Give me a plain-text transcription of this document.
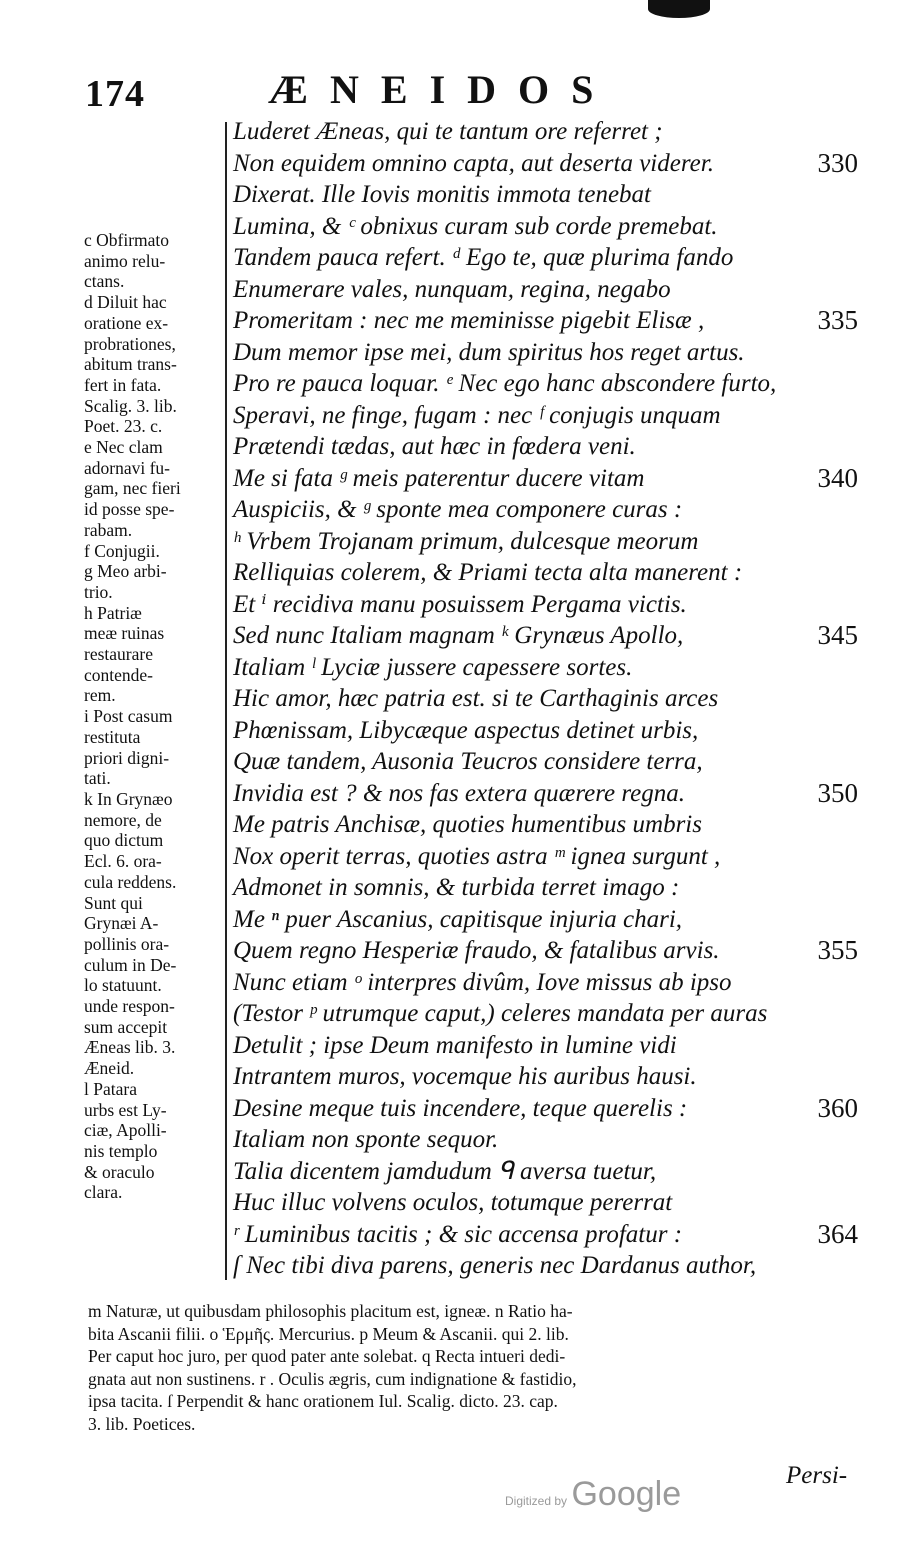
174	ÆNEIDOS
Luderet Æneas, qui te tantum ore referret ;
Non equidem omnino capta, aut deserta viderer.	330
Dixerat. Ille Iovis monitis immota tenebat
Lumina, & ᶜ obnixus curam sub corde premebat.
Tandem pauca refert. ᵈ Ego te, quæ plurima fando
Enumerare vales, nunquam, regina, negabo
Promeritam : nec me meminisse pigebit Elisæ ,	335
Dum memor ipse mei, dum spiritus hos reget artus.
Pro re pauca loquar. ᵉ Nec ego hanc abscondere furto,
Speravi, ne finge, fugam : nec ᶠ conjugis unquam
Prætendi tædas, aut hæc in fœdera veni.
Me si fata ᵍ meis paterentur ducere vitam	340
Auspiciis, & ᵍ sponte mea componere curas :
ʰ Vrbem Trojanam primum, dulcesque meorum
Relliquias colerem, & Priami tecta alta manerent :
Et ⁱ recidiva manu posuissem Pergama victis.
Sed nunc Italiam magnam ᵏ Grynæus Apollo,	345
Italiam ˡ Lyciæ jussere capessere sortes.
Hic amor, hæc patria est. si te Carthaginis arces
Phœnissam, Libycæque aspectus detinet urbis,
Quæ tandem, Ausonia Teucros considere terra,
Invidia est ? & nos fas extera quærere regna.	350
Me patris Anchisæ, quoties humentibus umbris
Nox operit terras, quoties astra ᵐ ignea surgunt ,
Admonet in somnis, & turbida terret imago :
Me ⁿ puer Ascanius, capitisque injuria chari,
Quem regno Hesperiæ fraudo, & fatalibus arvis.	355
Nunc etiam ᵒ interpres divûm, Iove missus ab ipso
(Testor ᵖ utrumque caput,) celeres mandata per auras
Detulit ; ipse Deum manifesto in lumine vidi
Intrantem muros, vocemque his auribus hausi.
Desine meque tuis incendere, teque querelis :	360
Italiam non sponte sequor.
Talia dicentem jamdudum ᑫ aversa tuetur,
Huc illuc volvens oculos, totumque pererrat
ʳ Luminibus tacitis ; & sic accensa profatur :	364
ſ Nec tibi diva parens, generis nec Dardanus author,
c Obfirmato
animo relu-
ctans.
d Diluit hac
oratione ex-
probrationes,
abitum trans-
fert in fata.
Scalig. 3. lib.
Poet. 23. c.
e Nec clam
adornavi fu-
gam, nec fieri
id posse spe-
rabam.
f Conjugii.
g Meo arbi-
trio.
h Patriæ
meæ ruinas
restaurare
contende-
rem.
i Post casum
restituta
priori digni-
tati.
k In Grynæo
nemore, de
quo dictum
Ecl. 6. ora-
cula reddens.
Sunt qui
Grynæi A-
pollinis ora-
culum in De-
lo statuunt.
unde respon-
sum accepit
Æneas lib. 3.
Æneid.
l Patara
urbs est Ly-
ciæ, Apolli-
nis templo
& oraculo
clara.
m Naturæ, ut quibusdam philosophis placitum est, igneæ. n Ratio ha-
bita Ascanii filii. o Ἑρμῆς. Mercurius. p Meum & Ascanii. qui 2. lib.
Per caput hoc juro, per quod pater ante solebat. q Recta intueri dedi-
gnata aut non sustinens. r . Oculis ægris, cum indignatione & fastidio,
ipsa tacita. ſ Perpendit & hanc orationem Iul. Scalig. dicto. 23. cap.
3. lib. Poetices.
Persi-
Digitized by Google
